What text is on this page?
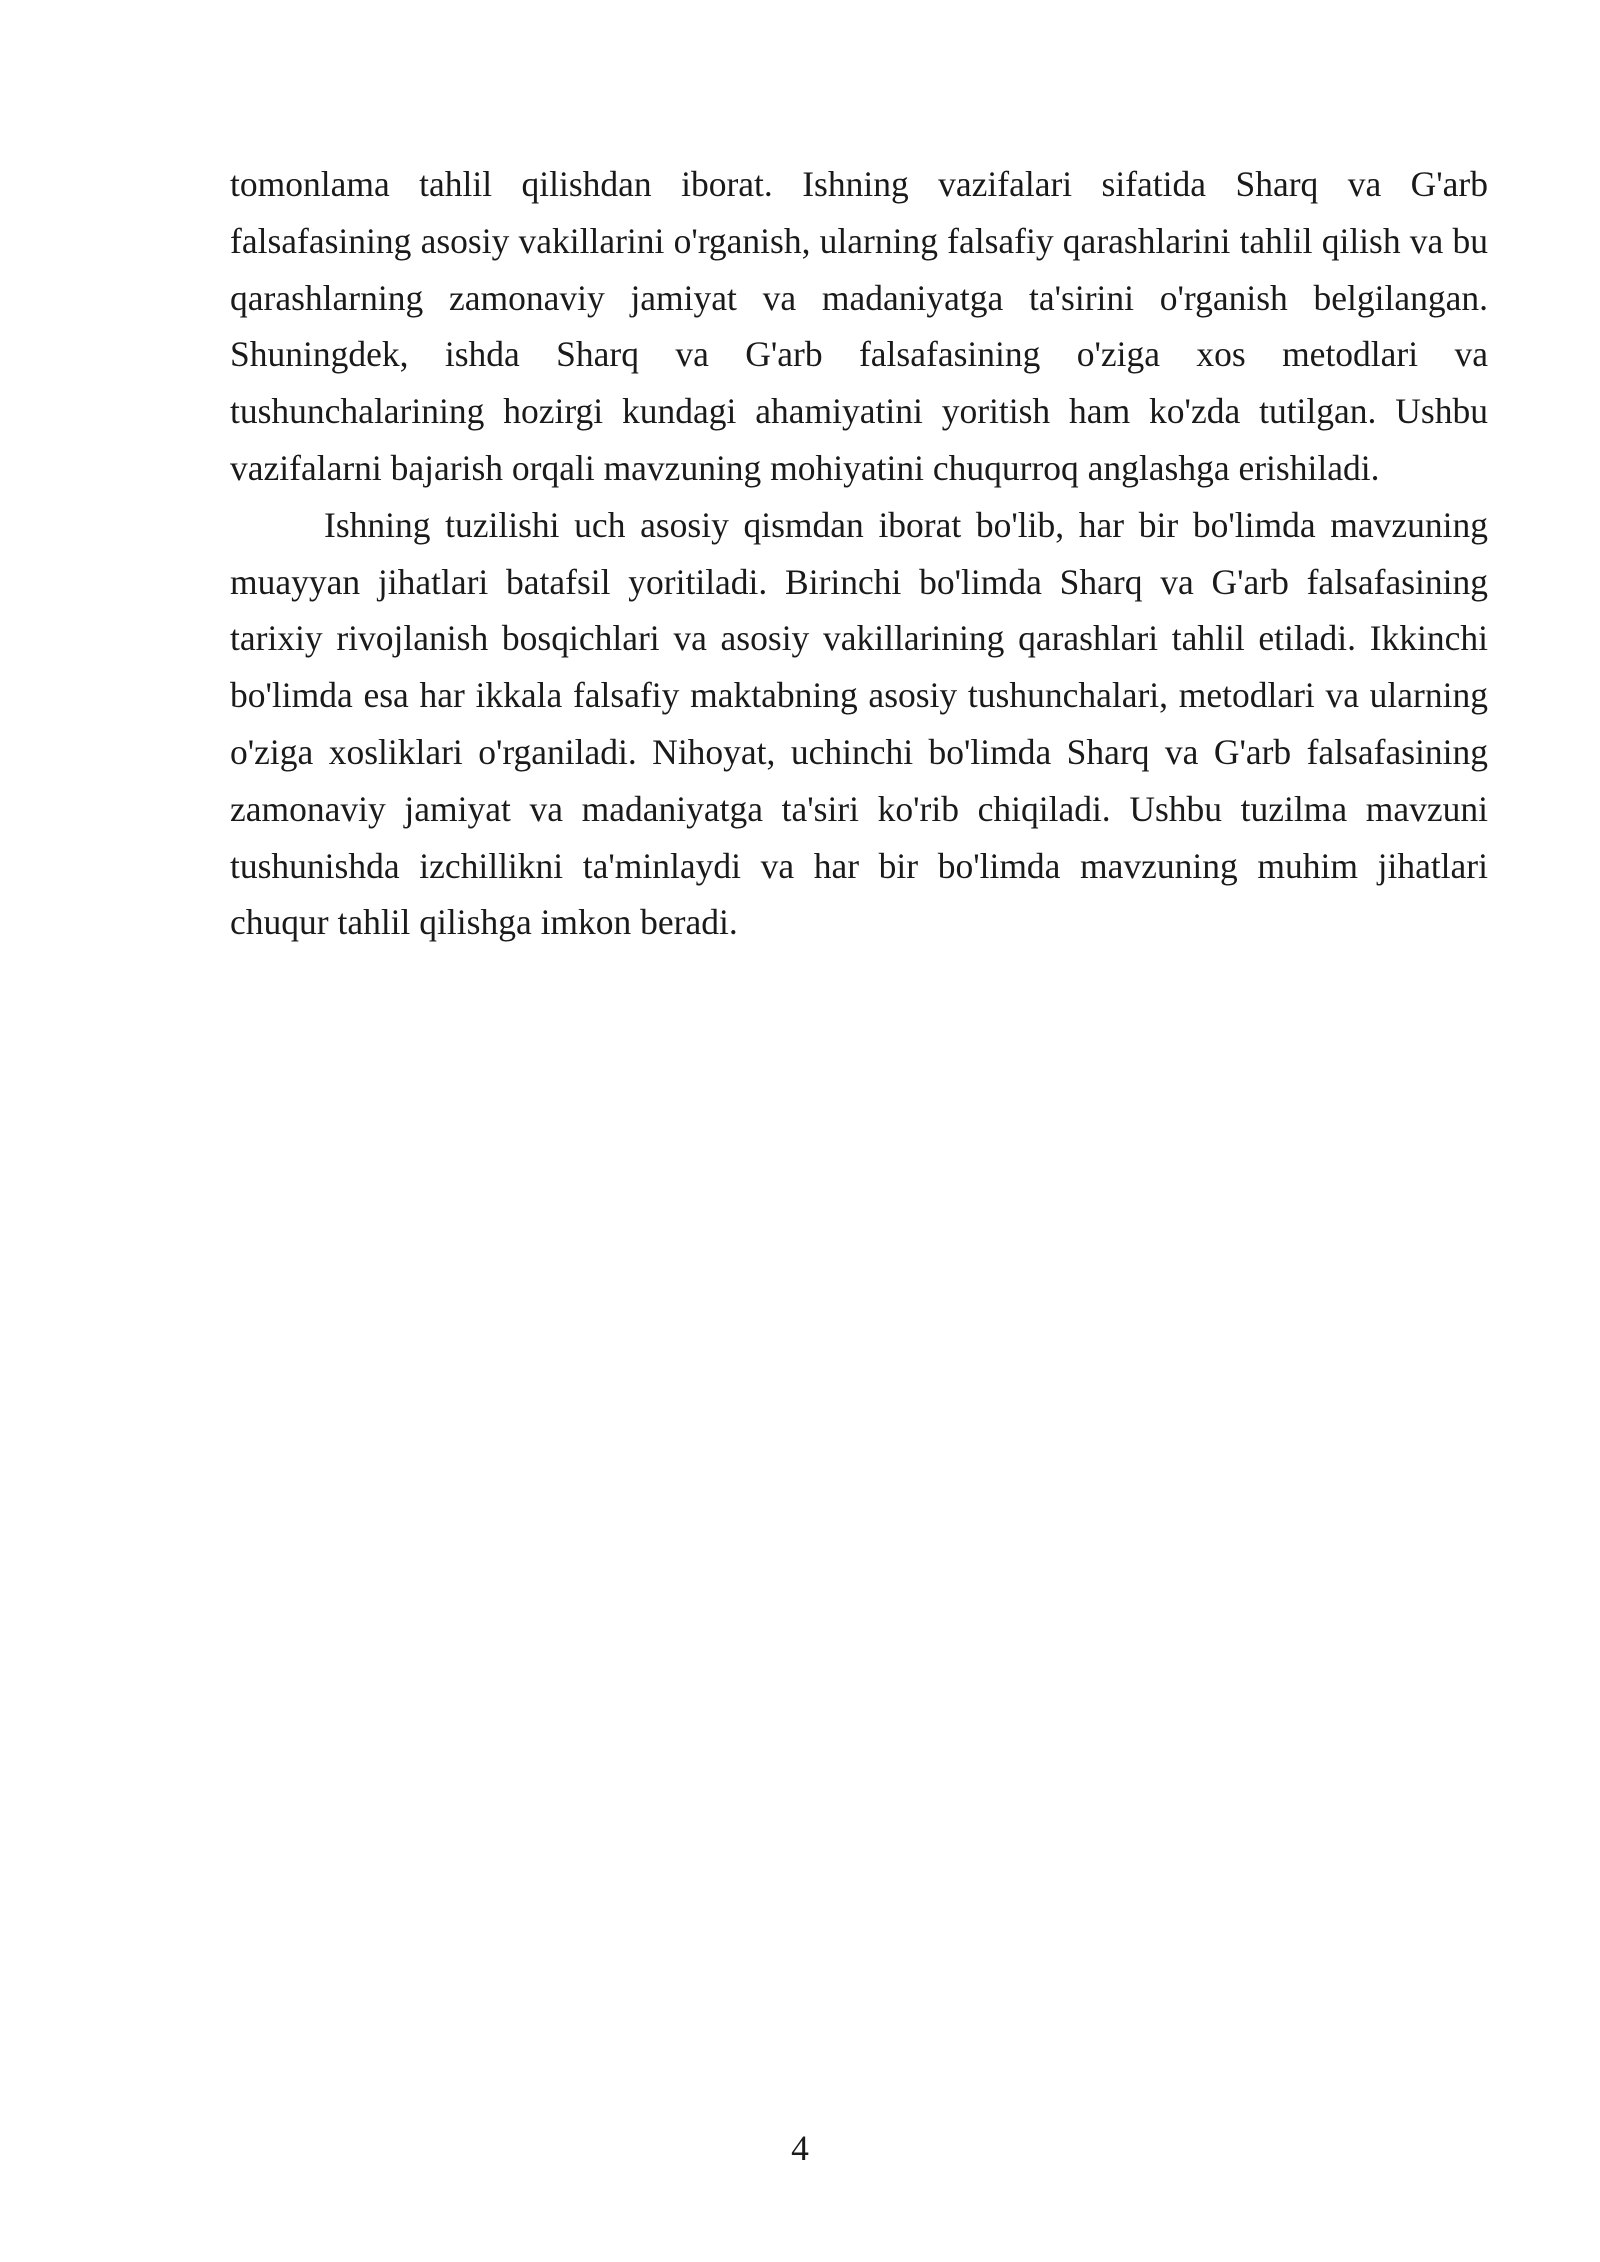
tomonlama tahlil qilishdan iborat. Ishning vazifalari sifatida Sharq va G'arb falsafasining asosiy vakillarini o'rganish, ularning falsafiy qarashlarini tahlil qilish va bu qarashlarning zamonaviy jamiyat va madaniyatga ta'sirini o'rganish belgilangan. Shuningdek, ishda Sharq va G'arb falsafasining o'ziga xos metodlari va tushunchalarining hozirgi kundagi ahamiyatini yoritish ham ko'zda tutilgan. Ushbu vazifalarni bajarish orqali mavzuning mohiyatini chuqurroq anglashga erishiladi.

Ishning tuzilishi uch asosiy qismdan iborat bo'lib, har bir bo'limda mavzuning muayyan jihatlari batafsil yoritiladi. Birinchi bo'limda Sharq va G'arb falsafasining tarixiy rivojlanish bosqichlari va asosiy vakillarining qarashlari tahlil etiladi. Ikkinchi bo'limda esa har ikkala falsafiy maktabning asosiy tushunchalari, metodlari va ularning o'ziga xosliklari o'rganiladi. Nihoyat, uchinchi bo'limda Sharq va G'arb falsafasining zamonaviy jamiyat va madaniyatga ta'siri ko'rib chiqiladi. Ushbu tuzilma mavzuni tushunishda izchillikni ta'minlaydi va har bir bo'limda mavzuning muhim jihatlari chuqur tahlil qilishga imkon beradi.

4
